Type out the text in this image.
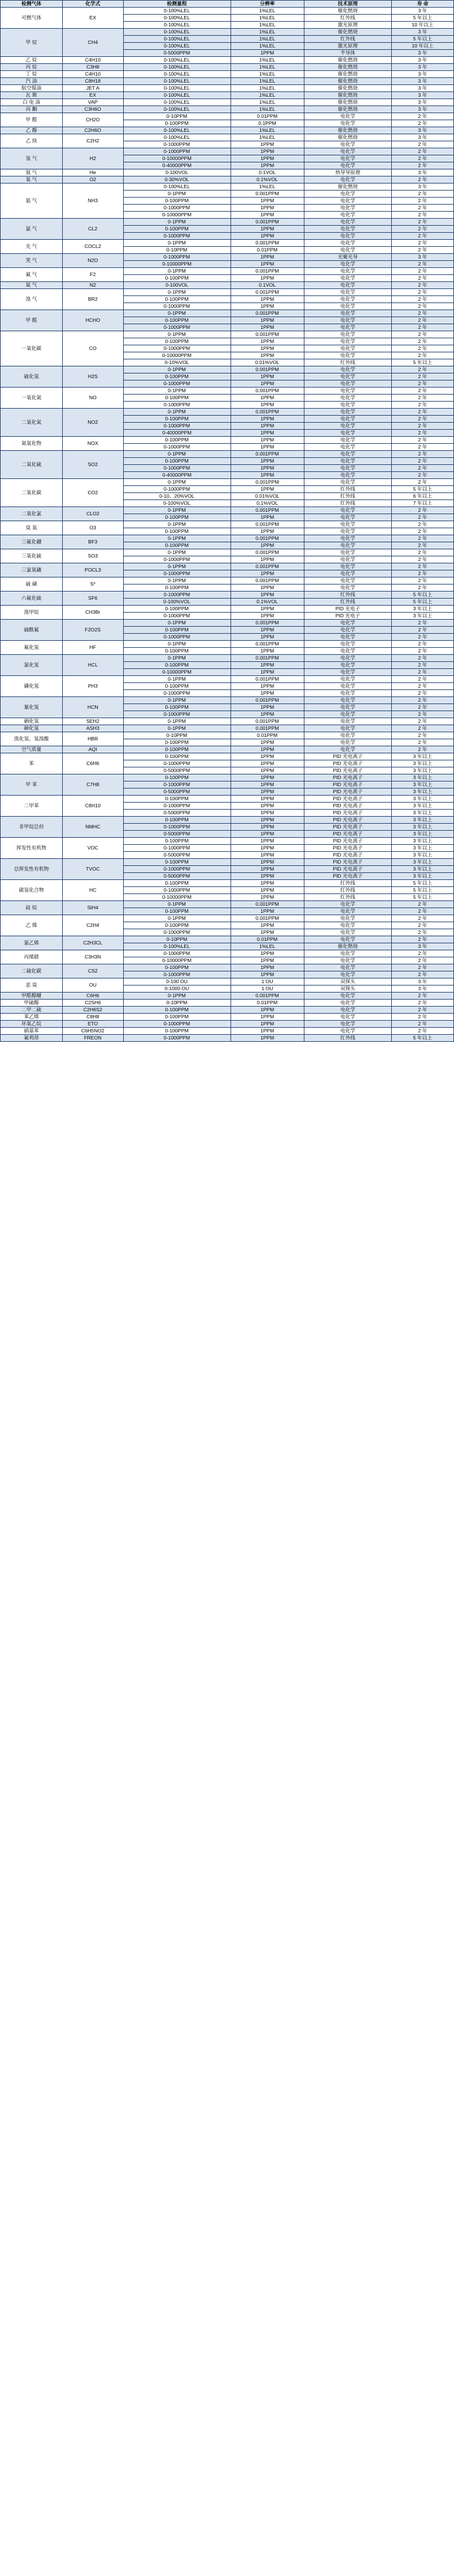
检测气体	化学式	检测量程	分辨率	技术原理	寿 命
可燃气体	EX	0-100%LEL	1%LEL	催化燃烧	3 年
		0-100%LEL	1%LEL	红外线	5 年以上
		0-100%LEL	1%LEL	激光原理	10 年以上
甲 烷	CH4	0-100%LEL	1%LEL	催化燃烧	3 年
		0-100%LEL	1%LEL	红外线	5 年以上
		0-100%LEL	1%LEL	激光原理	10 年以上
		0-5000PPM	1PPM	半导体	3 年
乙 烷	C4H10	0-100%LEL	1%LEL	催化燃烧	3 年
丙 烷	C3H8	0-100%LEL	1%LEL	催化燃烧	3 年
丁 烷	C4H10	0-100%LEL	1%LEL	催化燃烧	3 年
汽 油	C8H18	0-100%LEL	1%LEL	催化燃烧	3 年
航空煤油	JET A	0-100%LEL	1%LEL	催化燃烧	3 年
瓦 斯	EX	0-100%LEL	1%LEL	催化燃烧	3 年
白 电 油	VAP	0-100%LEL	1%LEL	催化燃烧	3 年
丙 酮	C3H6O	0-100%LEL	1%LEL	催化燃烧	3 年
甲 醛	CH2O	0-10PPM	0.01PPM	电化学	2 年
		0-100PPM	0.1PPM	电化学	2 年
乙 醇	C2H6O	0-100%LEL	1%LEL	催化燃烧	3 年
乙 炔	C2H2	0-100%LEL	1%LEL	催化燃烧	3 年
		0-1000PPM	1PPM	电化学	2 年
氢 气	H2	0-1000PPM	1PPM	电化学	2 年
		0-10000PPM	1PPM	电化学	2 年
		0-40000PPM	1PPM	电化学	2 年
氦 气	He	0-100VOL	0.1VOL	热导导原理	3 年
氧 气	O2	0-30%VOL	0.1%VOL	电化学	2 年
氨 气	NH3	0-100%LEL	1%LEL	催化燃烧	3 年
		0-1PPM	0.001PPM	电化学	2 年
		0-100PPM	1PPM	电化学	2 年
		0-1000PPM	1PPM	电化学	2 年
		0-10000PPM	1PPM	电化学	2 年
氯 气	CL2	0-1PPM	0.001PPM	电化学	2 年
		0-100PPM	1PPM	电化学	2 年
		0-1000PPM	1PPM	电化学	2 年
光 气	COCL2	0-1PPM	0.001PPM	电化学	2 年
		0-10PPM	0.01PPM	电化学	2 年
笑 气	N2O	0-1000PPM	1PPM	光聚光导	3 年
		0-10000PPM	1PPM	电化学	2 年
氟 气	F2	0-1PPM	0.001PPM	电化学	2 年
		0-100PPM	1PPM	电化学	2 年
氮 气	N2	0-100VOL	0.1VOL	电化学	2 年
溴 气	BR2	0-1PPM	0.001PPM	电化学	2 年
		0-100PPM	1PPM	电化学	2 年
		0-1000PPM	1PPM	电化学	2 年
甲 醛	HCHO	0-1PPM	0.001PPM	电化学	2 年
		0-100PPM	1PPM	电化学	2 年
		0-1000PPM	1PPM	电化学	2 年
一氧化碳	CO	0-1PPM	0.001PPM	电化学	2 年
		0-100PPM	1PPM	电化学	2 年
		0-1000PPM	1PPM	电化学	2 年
		0-10000PPM	1PPM	电化学	2 年
		0-10%VOL	0.01%VOL	红外线	5 年以上
硫化氢	H2S	0-1PPM	0.001PPM	电化学	2 年
		0-100PPM	1PPM	电化学	2 年
		0-1000PPM	1PPM	电化学	2 年
一氧化氮	NO	0-1PPM	0.001PPM	电化学	2 年
		0-100PPM	1PPM	电化学	2 年
		0-1000PPM	1PPM	电化学	2 年
二氧化氮	NO2	0-1PPM	0.001PPM	电化学	2 年
		0-100PPM	1PPM	电化学	2 年
		0-1000PPM	1PPM	电化学	2 年
		0-40000PPM	1PPM	电化学	2 年
氮氧化物	NOX	0-100PPM	1PPM	电化学	2 年
		0-1000PPM	1PPM	电化学	2 年
二氧化硫	SO2	0-1PPM	0.001PPM	电化学	2 年
		0-100PPM	1PPM	电化学	2 年
		0-1000PPM	1PPM	电化学	2 年
		0-40000PPM	1PPM	电化学	2 年
二氧化碳	CO2	0-1PPM	0.001PPM	电化学	2 年
		0-1000PPM	1PPM	红外线	5 年以上
		0-10、20%VOL	0.01%VOL	红外线	6 年以上
		0-100%VOL	0.1%VOL	红外线	7 年以上
二氧化氯	CLO2	0-1PPM	0.001PPM	电化学	2 年
		0-100PPM	1PPM	电化学	2 年
臭 氧	O3	0-1PPM	0.001PPM	电化学	2 年
		0-100PPM	1PPM	电化学	2 年
三氟化硼	BF3	0-1PPM	0.001PPM	电化学	2 年
		0-100PPM	1PPM	电化学	2 年
三氧化硫	SO3	0-1PPM	0.001PPM	电化学	2 年
		0-1000PPM	1PPM	电化学	2 年
三氯氧磷	POCL3	0-1PPM	0.001PPM	电化学	2 年
		0-1000PPM	1PPM	电化学	2 年
硫 磺	S*	0-1PPM	0.001PPM	电化学	2 年
		0-100PPM	1PPM	电化学	2 年
六氟化硫	SF6	0-1000PPM	1PPM	红外线	5 年以上
		0-100%VOL	0.1%VOL	红外线	5 年以上
溴甲烷	CH3Br	0-100PPM	1PPM	PID 光电子	3 年以上
		0-1000PPM	1PPM	PID 光电子	3 年以上
硫酰氟	F2O2S	0-1PPM	0.001PPM	电化学	2 年
		0-100PPM	1PPM	电化学	2 年
		0-1000PPM	1PPM	电化学	2 年
氟化氢	HF	0-1PPM	0.001PPM	电化学	2 年
		0-100PPM	1PPM	电化学	2 年
氯化氢	HCL	0-1PPM	0.001PPM	电化学	2 年
		0-100PPM	1PPM	电化学	2 年
		0-10000PPM	1PPM	电化学	2 年
磷化氢	PH3	0-1PPM	0.001PPM	电化学	2 年
		0-100PPM	1PPM	电化学	2 年
		0-1000PPM	1PPM	电化学	2 年
氰化氢	HCN	0-1PPM	0.001PPM	电化学	2 年
		0-100PPM	1PPM	电化学	2 年
		0-1000PPM	1PPM	电化学	2 年
硒化氢	SEH2	0-1PPM	0.001PPM	电化学	2 年
砷化氢	ASH3	0-1PPM	0.001PPM	电化学	2 年
溴化氢、氢溴酸	HBR	0-10PPM	0.01PPM	电化学	2 年
		0-100PPM	1PPM	电化学	2 年
空气质量	AQI	0-100PPM	1PPM	电化学	2 年
苯	C6H6	0-100PPM	1PPM	PID 光电离子	3 年以上
		0-1000PPM	1PPM	PID 光电离子	3 年以上
		0-5000PPM	1PPM	PID 光电离子	3 年以上
甲 苯	C7H8	0-100PPM	1PPM	PID 光电离子	3 年以上
		0-1000PPM	1PPM	PID 光电离子	3 年以上
		0-5000PPM	1PPM	PID 光电离子	3 年以上
二甲苯	C8H10	0-100PPM	1PPM	PID 光电离子	3 年以上
		0-1000PPM	1PPM	PID 光电离子	3 年以上
		0-5000PPM	1PPM	PID 光电离子	3 年以上
非甲烷总烃	NMHC	0-100PPM	1PPM	PID 光电离子	3 年以上
		0-1000PPM	1PPM	PID 光电离子	3 年以上
		0-5000PPM	1PPM	PID 光电离子	3 年以上
挥发性有机物	VOC	0-100PPM	1PPM	PID 光电离子	3 年以上
		0-1000PPM	1PPM	PID 光电离子	3 年以上
		0-5000PPM	1PPM	PID 光电离子	3 年以上
总挥发性有机物	TVOC	0-100PPM	1PPM	PID 光电离子	3 年以上
		0-1000PPM	1PPM	PID 光电离子	3 年以上
		0-5000PPM	1PPM	PID 光电离子	3 年以上
碳氢化合物	HC	0-100PPM	1PPM	红外线	5 年以上
		0-1000PPM	1PPM	红外线	5 年以上
		0-10000PPM	1PPM	红外线	5 年以上
硅 烷	SIH4	0-1PPM	0.001PPM	电化学	2 年
		0-100PPM	1PPM	电化学	2 年
乙 烯	C2H4	0-1PPM	0.001PPM	电化学	2 年
		0-100PPM	1PPM	电化学	2 年
		0-1000PPM	1PPM	电化学	2 年
氯乙烯	C2H3CL	0-10PPM	0.01PPM	电化学	2 年
		0-100%LEL	1%LEL	催化燃烧	3 年
丙烯腈	C3H3N	0-1000PPM	1PPM	电化学	2 年
		0-10000PPM	1PPM	电化学	2 年
二硫化碳	CS2	0-100PPM	1PPM	电化学	2 年
		0-1000PPM	1PPM	电化学	2 年
恶 臭	OU	0-100 OU	1 OU	双探头	3 年
		0-1000 OU	1 OU	双探头	3 年
甲醛醇醚	C6H6	0-1PPM	0.001PPM	电化学	2 年
甲硫醇	C2SH6	0-10PPM	0.01PPM	电化学	2 年
二甲二硫	C2H6S2	0-100PPM	1PPM	电化学	2 年
苯乙烯	C8H8	0-100PPM	1PPM	电化学	2 年
环氧乙烷	ETO	0-1000PPM	1PPM	电化学	2 年
硝基苯	C6H5NO2	0-100PPM	1PPM	电化学	2 年
氟利昂	FREON	0-1000PPM	1PPM	红外线	5 年以上
